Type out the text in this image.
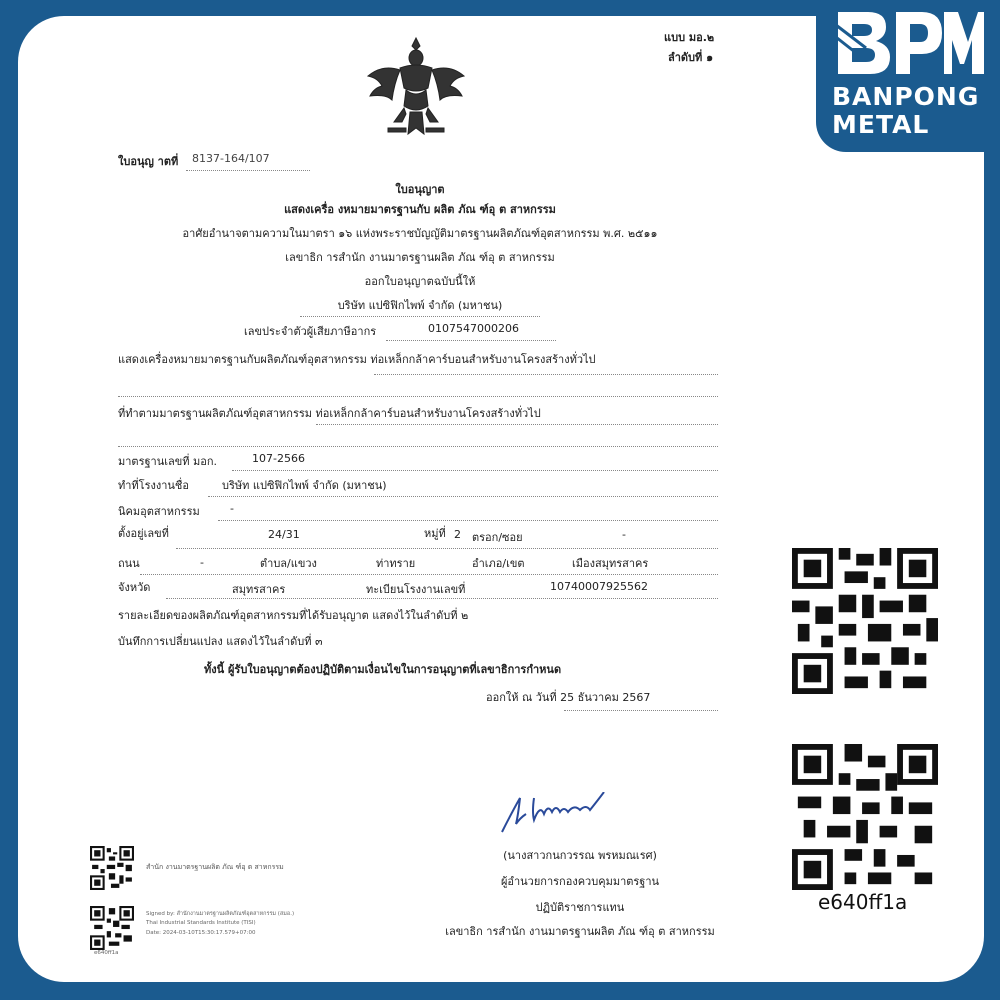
BANPONG
METAL
แบบ มอ.๒
ลำดับที่ ๑
ใบอนุญ าตที่ 8137-164/107
ใบอนุญาต
แสดงเครื่อ งหมายมาตรฐานกับ ผลิต ภัณ ฑ์อุ ต สาหกรรม
อาศัยอำนาจตามความในมาตรา ๑๖ แห่งพระราชบัญญัติมาตรฐานผลิตภัณฑ์อุตสาหกรรม พ.ศ. ๒๕๑๑
เลขาธิก ารสำนัก งานมาตรฐานผลิต ภัณ ฑ์อุ ต สาหกรรม
ออกใบอนุญาตฉบับนี้ให้
บริษัท แปซิฟิกไพพ์ จำกัด (มหาชน)
เลขประจำตัวผู้เสียภาษีอากร	0107547000206
แสดงเครื่องหมายมาตรฐานกับผลิตภัณฑ์อุตสาหกรรม ท่อเหล็กกล้าคาร์บอนสำหรับงานโครงสร้างทั่วไป
ที่ทำตามมาตรฐานผลิตภัณฑ์อุตสาหกรรม ท่อเหล็กกล้าคาร์บอนสำหรับงานโครงสร้างทั่วไป
มาตรฐานเลขที่ มอก.	107-2566
ทำที่โรงงานชื่อ	บริษัท แปซิฟิกไพพ์ จำกัด (มหาชน)
นิคมอุตสาหกรรม	-
ตั้งอยู่เลขที่	24/31	หมู่ที่ 2 ตรอก/ซอย	-
ถนน	-	ตำบล/แขวง	ท่าทราย	อำเภอ/เขต	เมืองสมุทรสาคร
จังหวัด	สมุทรสาคร	ทะเบียนโรงงานเลขที่	10740007925562
รายละเอียดของผลิตภัณฑ์อุตสาหกรรมที่ได้รับอนุญาต แสดงไว้ในลำดับที่ ๒
บันทึกการเปลี่ยนแปลง แสดงไว้ในลำดับที่ ๓
ทั้งนี้ ผู้รับใบอนุญาตต้องปฏิบัติตามเงื่อนไขในการอนุญาตที่เลขาธิการกำหนด
ออกให้ ณ วันที่ 25 ธันวาคม 2567
(นางสาวกนกวรรณ พรหมณเรศ)
ผู้อำนวยการกองควบคุมมาตรฐาน
ปฏิบัติราชการแทน
เลขาธิก ารสำนัก งานมาตรฐานผลิต ภัณ ฑ์อุ ต สาหกรรม
สำนัก งานมาตรฐานผลิต ภัณ ฑ์อุ ต สาหกรรม
e640ff1a
Signed by: สำนักงานมาตรฐานผลิตภัณฑ์อุตสาหกรรม (สมอ.)
Thai Industrial Standards Institute (TISI)
Date: 2024-03-10T15:30:17.579+07:00
e640ff1a
